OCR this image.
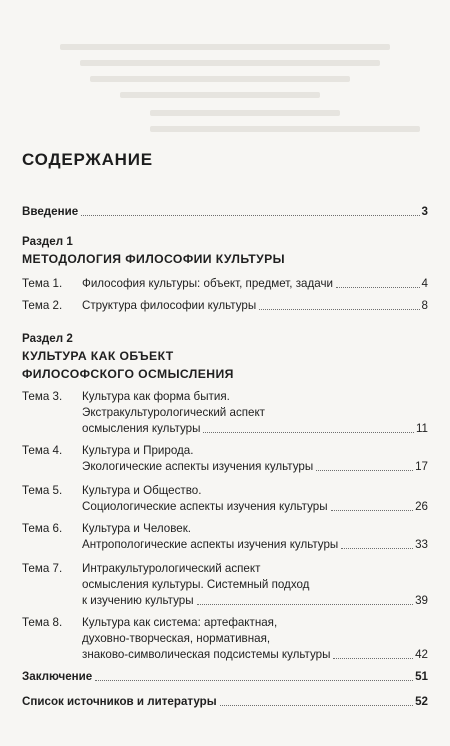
СОДЕРЖАНИЕ
Введение	3
Раздел 1
МЕТОДОЛОГИЯ ФИЛОСОФИИ КУЛЬТУРЫ
Тема 1.	Философия культуры: объект, предмет, задачи	4
Тема 2.	Структура философии культуры	8
Раздел 2
КУЛЬТУРА КАК ОБЪЕКТ
ФИЛОСОФСКОГО ОСМЫСЛЕНИЯ
Тема 3.	Культура как форма бытия.
Экстракультурологический аспект
осмысления культуры	11
Тема 4.	Культура и Природа.
Экологические аспекты изучения культуры	17
Тема 5.	Культура и Общество.
Социологические аспекты изучения культуры	26
Тема 6.	Культура и Человек.
Антропологические аспекты изучения культуры	33
Тема 7.	Интракультурологический аспект
осмысления культуры. Системный подход
к изучению культуры	39
Тема 8.	Культура как система: артефактная,
духовно-творческая, нормативная,
знаково-символическая подсистемы культуры	42
Заключение	51
Список источников и литературы	52
